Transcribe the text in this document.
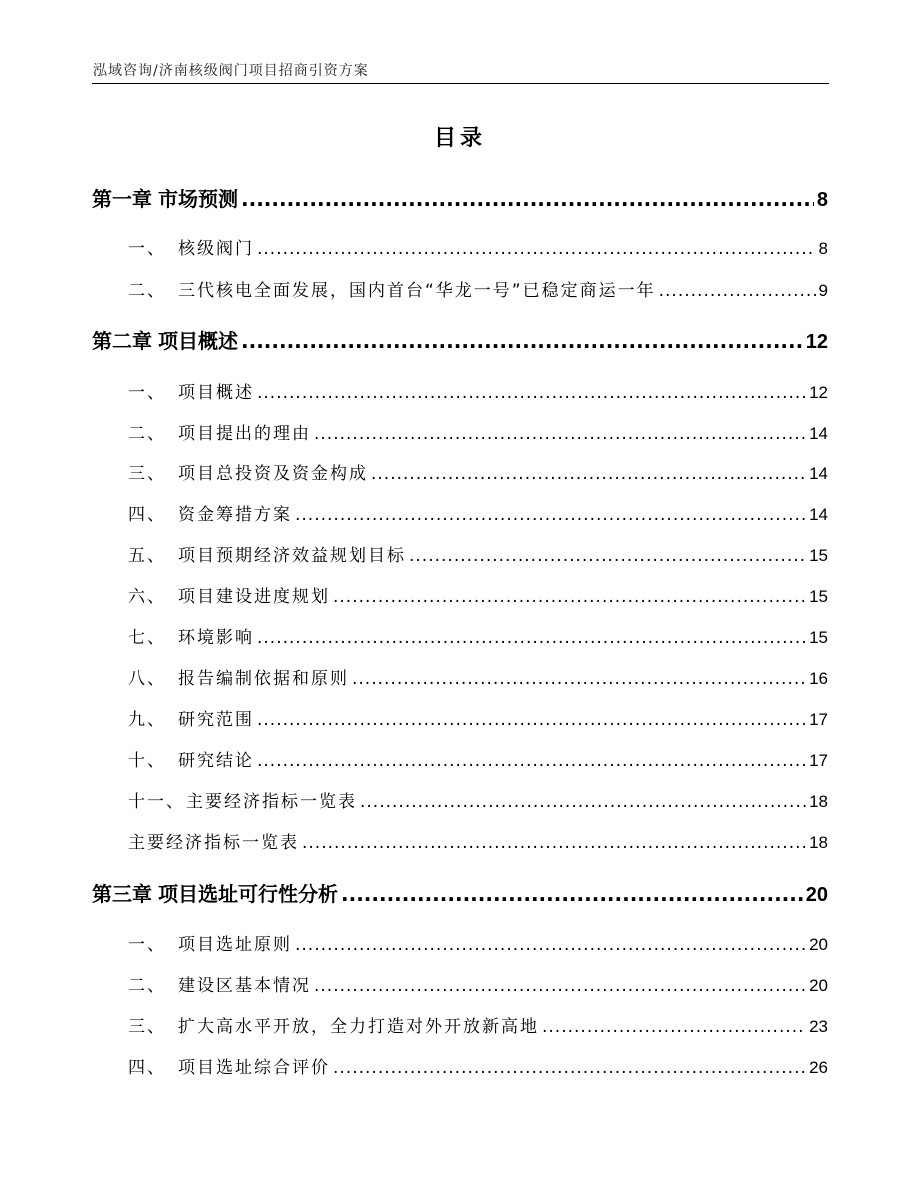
泓域咨询/济南核级阀门项目招商引资方案
目录
第一章 市场预测 .....	8
一、 核级阀门 .....	8
二、 三代核电全面发展，国内首台“华龙一号”已稳定商运一年 .....	9
第二章 项目概述 .....	12
一、 项目概述 .....	12
二、 项目提出的理由 .....	14
三、 项目总投资及资金构成 .....	14
四、 资金筹措方案 .....	14
五、 项目预期经济效益规划目标 .....	15
六、 项目建设进度规划 .....	15
七、 环境影响 .....	15
八、 报告编制依据和原则 .....	16
九、 研究范围 .....	17
十、 研究结论 .....	17
十一、 主要经济指标一览表 .....	18
主要经济指标一览表 .....	18
第三章 项目选址可行性分析 .....	20
一、 项目选址原则 .....	20
二、 建设区基本情况 .....	20
三、 扩大高水平开放，全力打造对外开放新高地 .....	23
四、 项目选址综合评价 .....	26
